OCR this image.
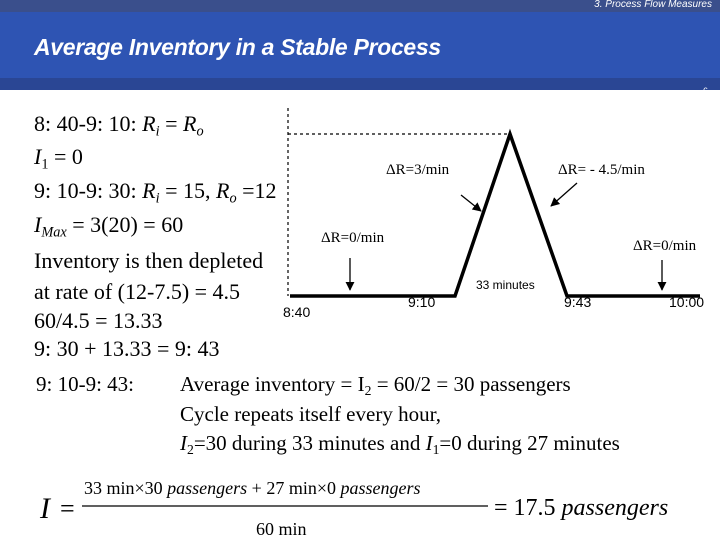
3. Process Flow Measures
Average Inventory in a Stable Process
6
8: 40-9: 10: $R_i = R_o$
$I_1 = 0$
9: 10-9: 30: $R_i = 15$, $R_o =12$
$I_{Max} = 3(20) = 60$
Inventory is then depleted
at rate of (12-7.5) = 4.5
60/4.5 = 13.33
9: 30 + 13.33 = 9: 43
ΔR=3/min	ΔR= - 4.5/min
ΔR=0/min	ΔR=0/min
33 minutes
8:40
9:10	9:43	10:00
9: 10-9: 43: Average inventory = $I_2 = 60/2 = 30$ passengers
Cycle repeats itself every hour,
$I_2=30$ during 33 minutes and $I_1=0$ during 27 minutes
I =
33 min×30 passengers + 27 min×0 passengers
60 min
= 17.5 passengers
